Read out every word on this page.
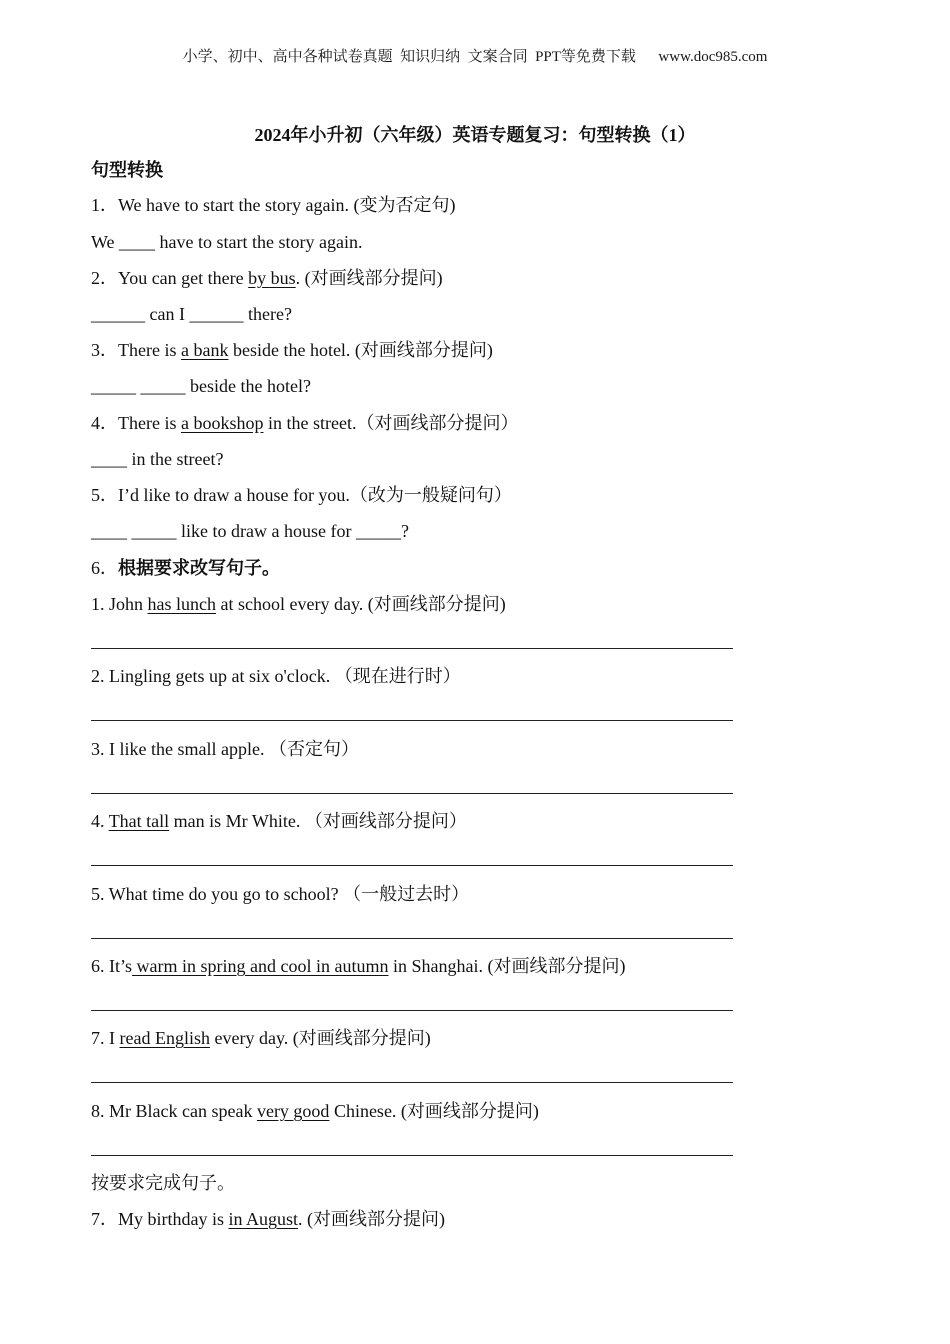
小学、初中、高中各种试卷真题  知识归纳  文案合同  PPT等免费下载 www.doc985.com
2024年小升初（六年级）英语专题复习：句型转换（1）
句型转换
1．We have to start the story again. (变为否定句)
We ____ have to start the story again.
2．You can get there by bus. (对画线部分提问)
______ can I ______ there?
3．There is a bank beside the hotel. (对画线部分提问)
_____ _____ beside the hotel?
4．There is a bookshop in the street.（对画线部分提问）
____ in the street?
5．I’d like to draw a house for you.（改为一般疑问句）
____ _____ like to draw a house for _____?
6．根据要求改写句子。
1. John has lunch at school every day. (对画线部分提问)
2. Lingling gets up at six o'clock. （现在进行时）
3. I like the small apple. （否定句）
4. That tall man is Mr White. （对画线部分提问）
5. What time do you go to school? （一般过去时）
6. It’s warm in spring and cool in autumn in Shanghai. (对画线部分提问)
7. I read English every day. (对画线部分提问)
8. Mr Black can speak very good Chinese. (对画线部分提问)
按要求完成句子。
7．My birthday is in August. (对画线部分提问)
